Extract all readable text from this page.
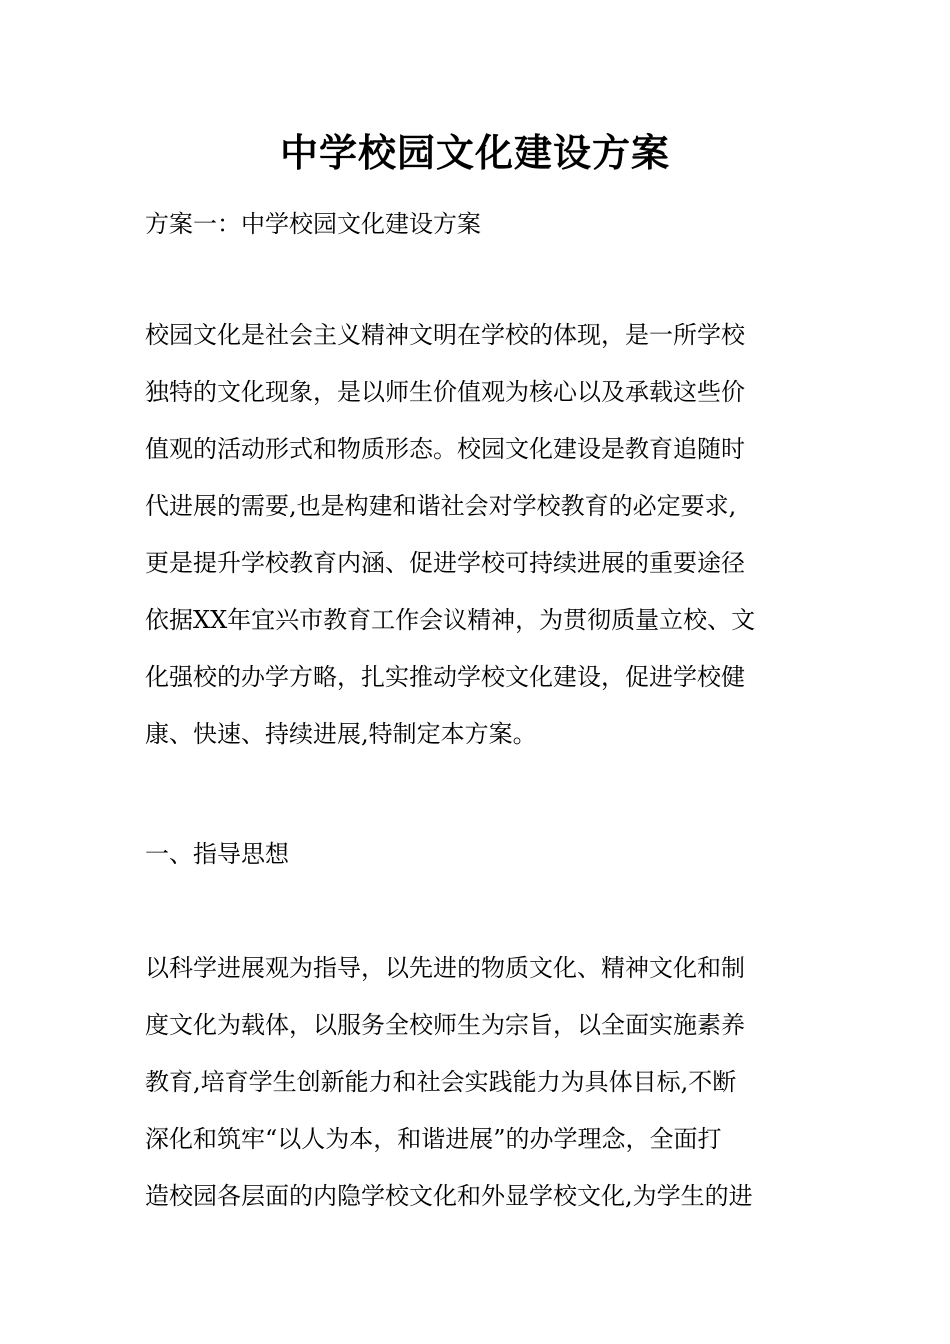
中学校园文化建设方案
方案一：中学校园文化建设方案
校园文化是社会主义精神文明在学校的体现，是一所学校
独特的文化现象，是以师生价值观为核心以及承载这些价
值观的活动形式和物质形态。校园文化建设是教育追随时
代进展的需要,也是构建和谐社会对学校教育的必定要求,
更是提升学校教育内涵、促进学校可持续进展的重要途径
依据XX年宜兴市教育工作会议精神，为贯彻质量立校、文
化强校的办学方略，扎实推动学校文化建设，促进学校健
康、快速、持续进展,特制定本方案。
一、指导思想
以科学进展观为指导，以先进的物质文化、精神文化和制
度文化为载体，以服务全校师生为宗旨，以全面实施素养
教育,培育学生创新能力和社会实践能力为具体目标,不断
深化和筑牢“以人为本，和谐进展”的办学理念，全面打
造校园各层面的内隐学校文化和外显学校文化,为学生的进
